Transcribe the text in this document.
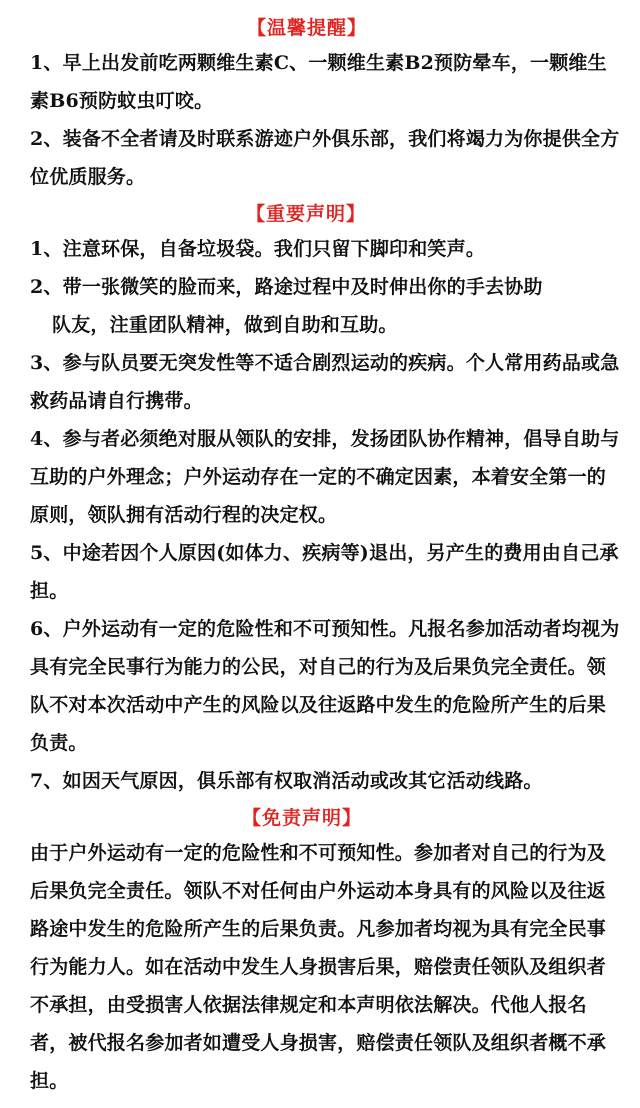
【温馨提醒】

1、早上出发前吃两颗维生素C、一颗维生素B2预防晕车，一颗维生素B6预防蚊虫叮咬。

2、装备不全者请及时联系游迹户外俱乐部，我们将竭力为你提供全方位优质服务。

【重要声明】

1、注意环保，自备垃圾袋。我们只留下脚印和笑声。

2、带一张微笑的脸而来，路途过程中及时伸出你的手去协助
队友，注重团队精神，做到自助和互助。

3、参与队员要无突发性等不适合剧烈运动的疾病。个人常用药品或急救药品请自行携带。

4、参与者必须绝对服从领队的安排，发扬团队协作精神，倡导自助与互助的户外理念；户外运动存在一定的不确定因素，本着安全第一的原则，领队拥有活动行程的决定权。

5、中途若因个人原因(如体力、疾病等)退出，另产生的费用由自己承担。

6、户外运动有一定的危险性和不可预知性。凡报名参加活动者均视为具有完全民事行为能力的公民，对自己的行为及后果负完全责任。领队不对本次活动中产生的风险以及往返路中发生的危险所产生的后果负责。

7、如因天气原因，俱乐部有权取消活动或改其它活动线路。

【免责声明】

由于户外运动有一定的危险性和不可预知性。参加者对自己的行为及后果负完全责任。领队不对任何由户外运动本身具有的风险以及往返路途中发生的危险所产生的后果负责。凡参加者均视为具有完全民事行为能力人。如在活动中发生人身损害后果，赔偿责任领队及组织者不承担，由受损害人依据法律规定和本声明依法解决。代他人报名者，被代报名参加者如遭受人身损害，赔偿责任领队及组织者概不承担。
